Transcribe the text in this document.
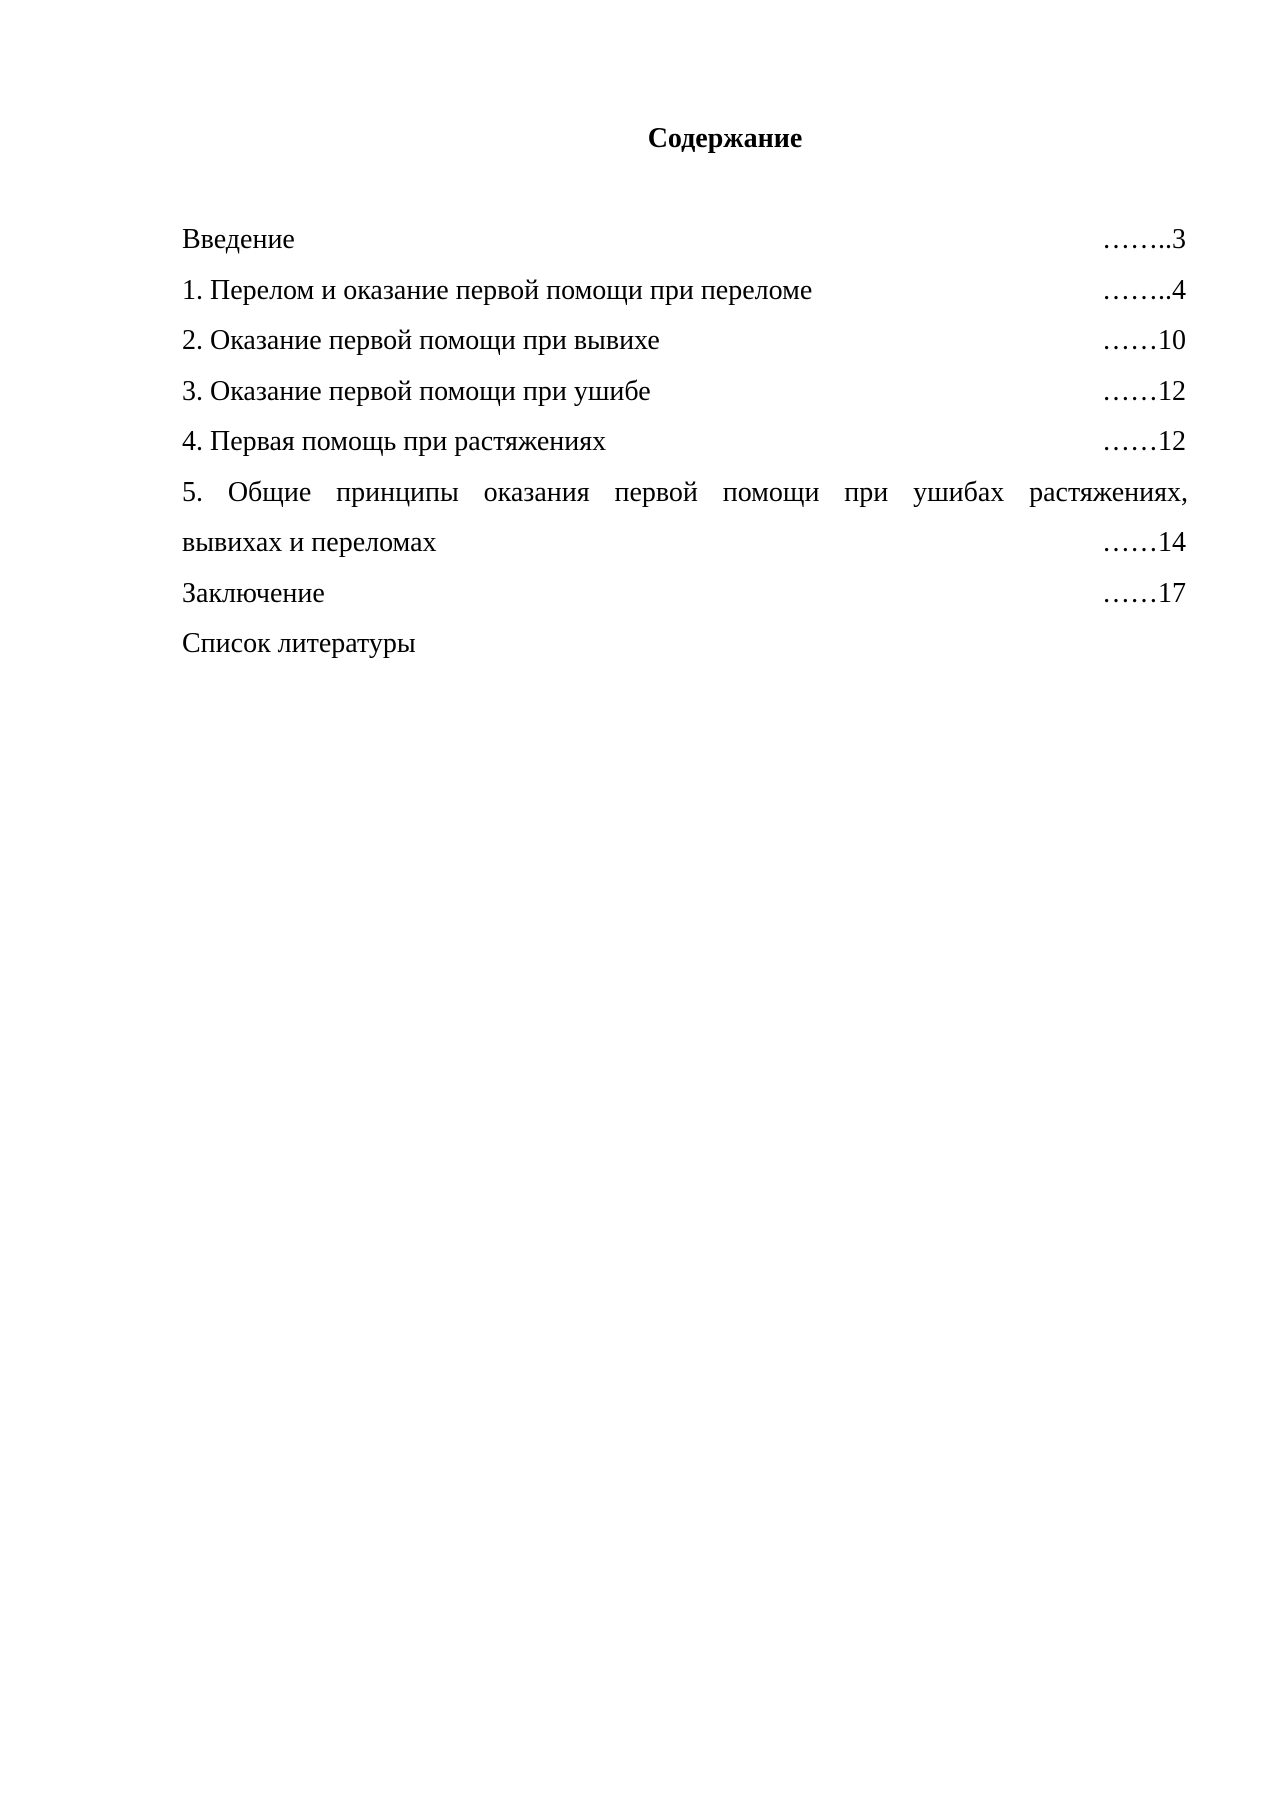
Содержание
Введение	……..3
1. Перелом и оказание первой помощи при переломе	……..4
2. Оказание первой помощи при вывихе	……10
3. Оказание первой помощи при ушибе	……12
4. Первая помощь при растяжениях	……12
5. Общие принципы оказания первой помощи при ушибах растяжениях,
вывихах и переломах	……14
Заключение	……17
Список литературы
